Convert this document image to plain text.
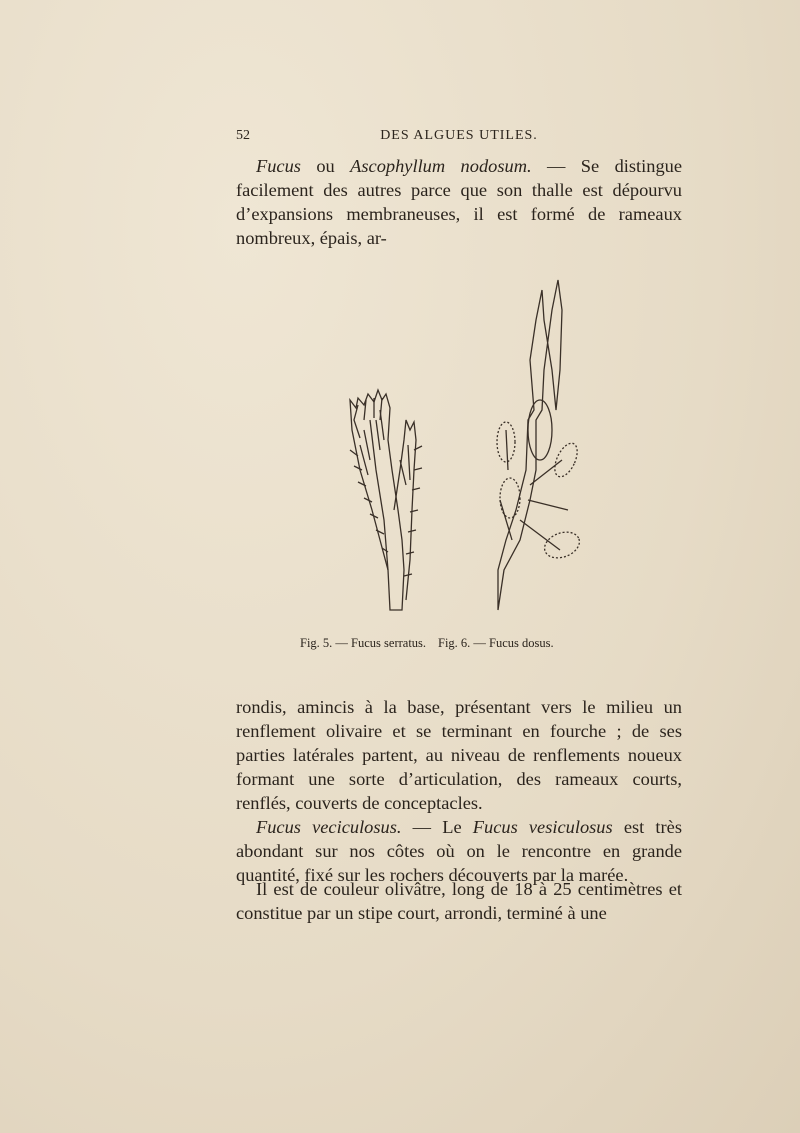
52	DES ALGUES UTILES.

Fucus ou Ascophyllum nodosum. — Se distingue facilement des autres parce que son thalle est dépourvu d’expansions membraneuses, il est formé de rameaux nombreux, épais, ar-

Fig. 5. — Fucus serratus. Fig. 6. — Fucus dosus.

rondis, amincis à la base, présentant vers le milieu un renflement olivaire et se terminant en fourche ; de ses parties latérales partent, au niveau de renflements noueux formant une sorte d’articulation, des rameaux courts, renflés, couverts de conceptacles.

Fucus veciculosus. — Le Fucus vesiculosus est très abondant sur nos côtes où on le rencontre en grande quantité, fixé sur les rochers découverts par la marée.

Il est de couleur olivâtre, long de 18 à 25 centimètres et constitue par un stipe court, arrondi, terminé à une
